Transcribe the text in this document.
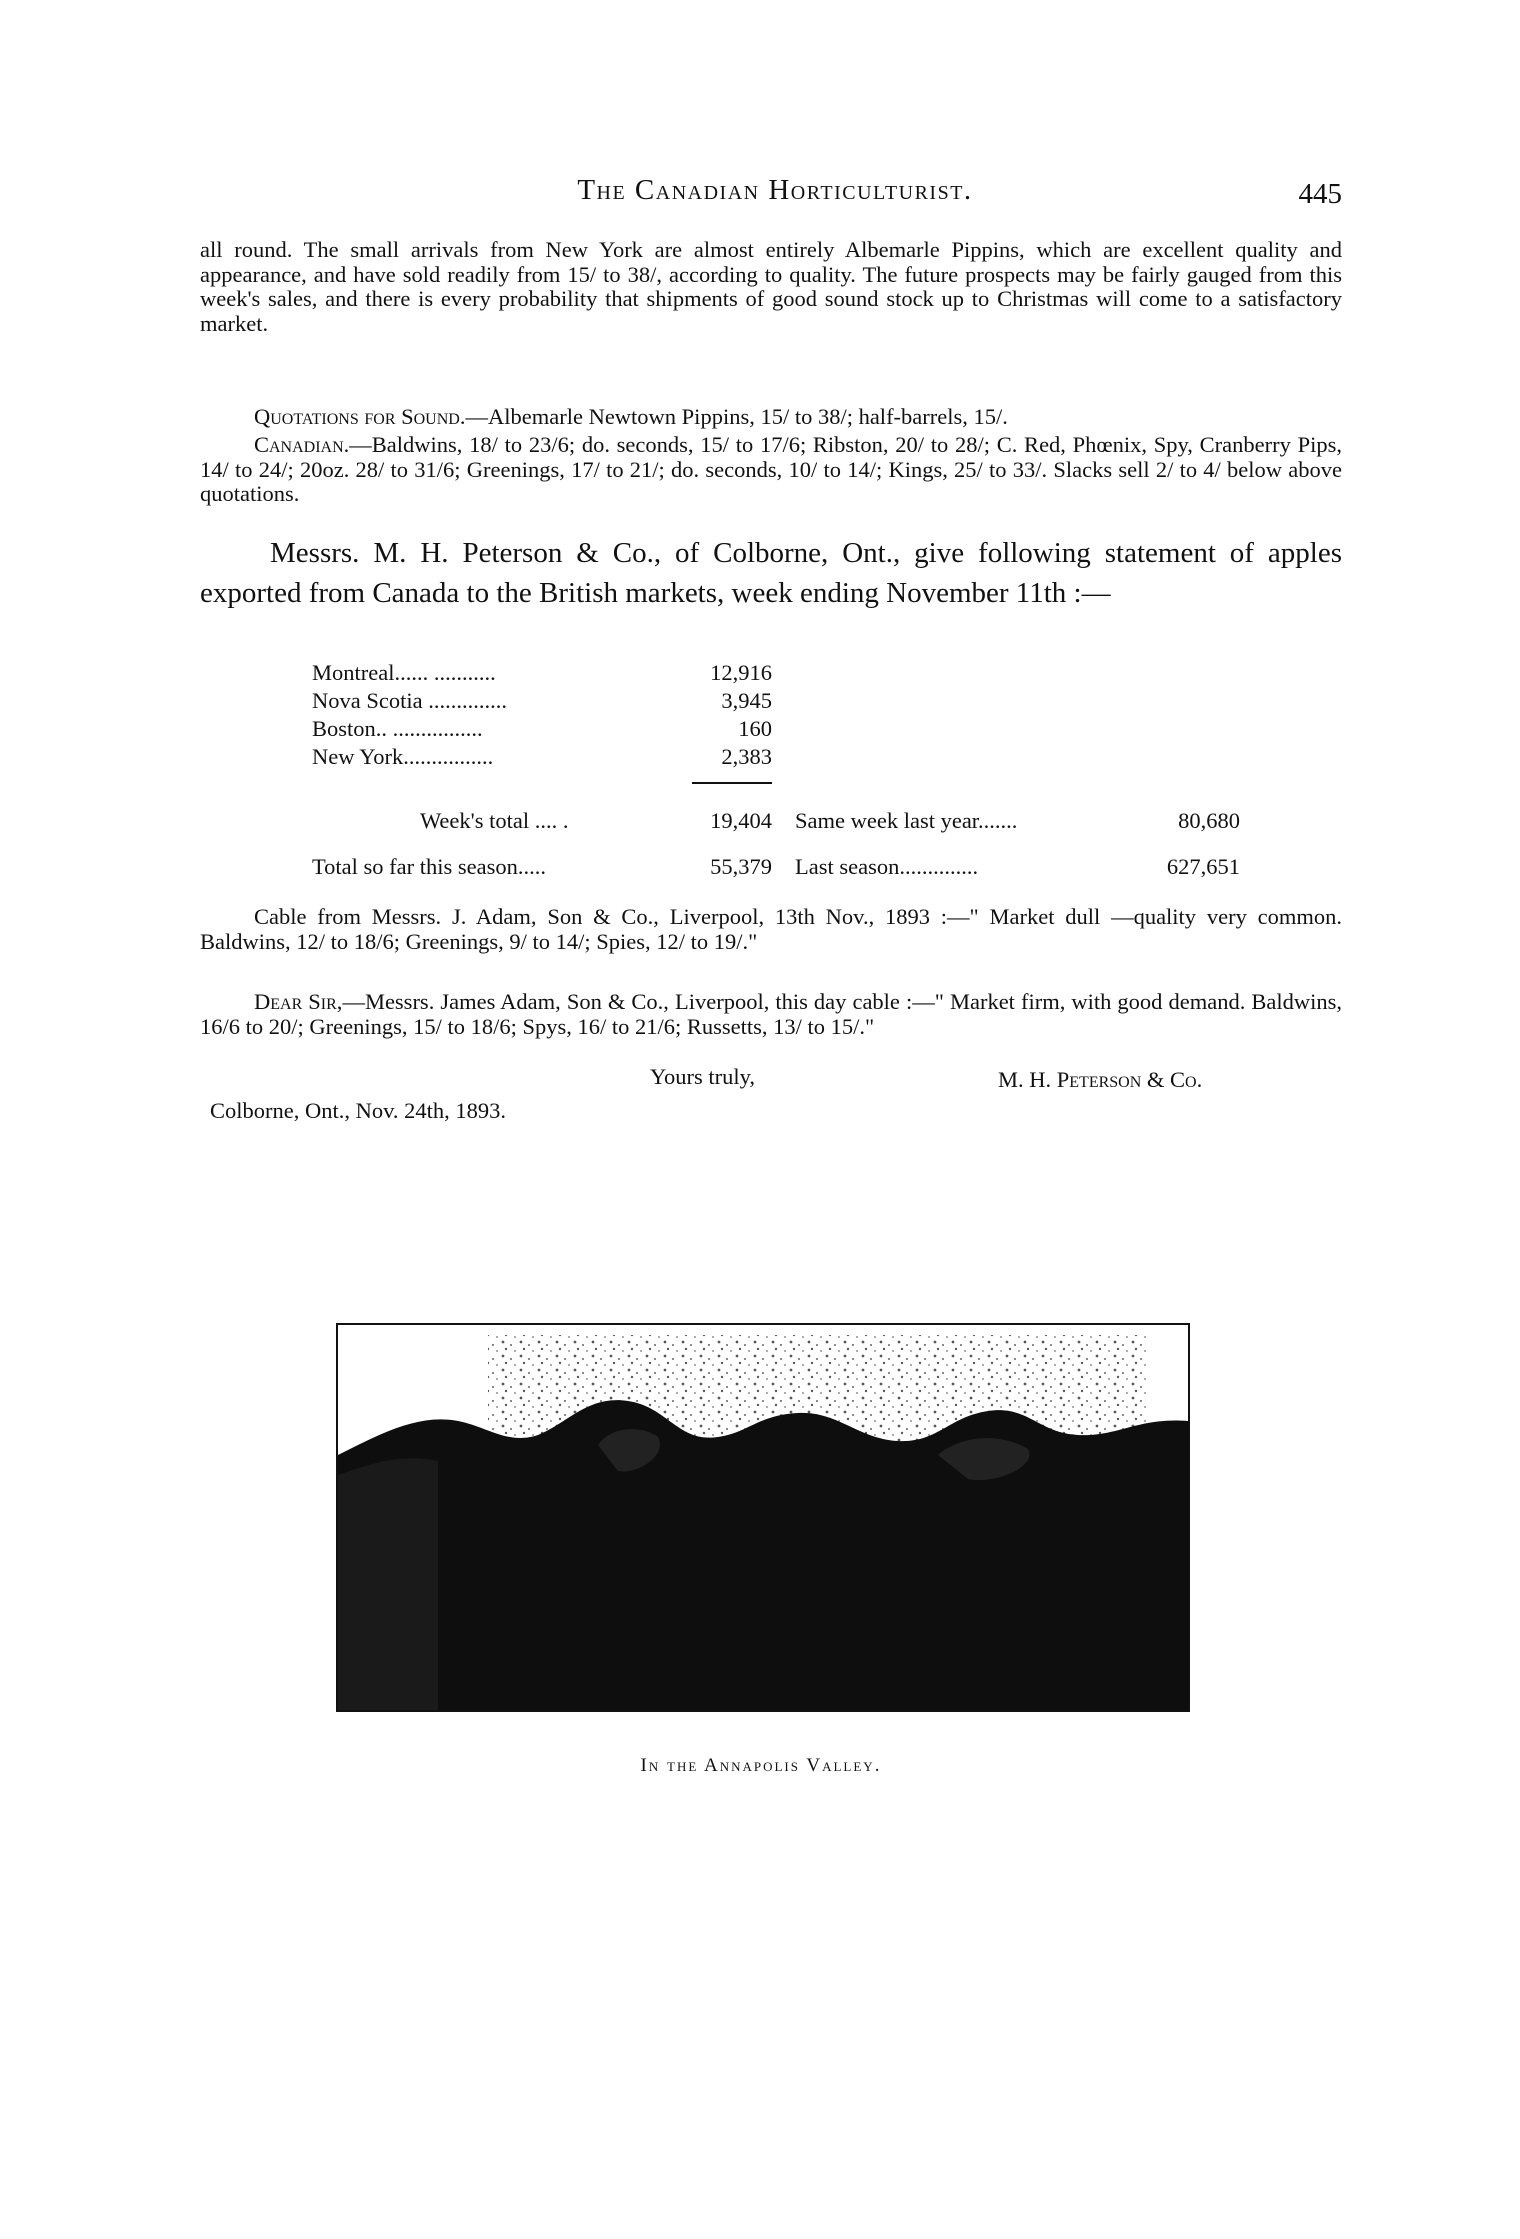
The Canadian Horticulturist.	445

all round. The small arrivals from New York are almost entirely Albemarle Pippins, which are excellent quality and appearance, and have sold readily from 15/ to 38/, according to quality. The future prospects may be fairly gauged from this week's sales, and there is every probability that shipments of good sound stock up to Christmas will come to a satisfactory market.

Quotations for Sound.—Albemarle Newtown Pippins, 15/ to 38/; half-barrels, 15/.

Canadian.—Baldwins, 18/ to 23/6; do. seconds, 15/ to 17/6; Ribston, 20/ to 28/; C. Red, Phœnix, Spy, Cranberry Pips, 14/ to 24/; 20oz. 28/ to 31/6; Greenings, 17/ to 21/; do. seconds, 10/ to 14/; Kings, 25/ to 33/. Slacks sell 2/ to 4/ below above quotations.

Messrs. M. H. Peterson & Co., of Colborne, Ont., give following statement of apples exported from Canada to the British markets, week ending November 11th :—

Montreal...... ...........	12,916
Nova Scotia ..............	3,945
Boston.. ................	160
New York................	2,383
Week's total .... .	19,404 Same week last year.......	80,680
Total so far this season.....	55,379 Last season..............	627,651

Cable from Messrs. J. Adam, Son & Co., Liverpool, 13th Nov., 1893 :—" Market dull —quality very common. Baldwins, 12/ to 18/6; Greenings, 9/ to 14/; Spies, 12/ to 19/."

Dear Sir,—Messrs. James Adam, Son & Co., Liverpool, this day cable :—" Market firm, with good demand. Baldwins, 16/6 to 20/; Greenings, 15/ to 18/6; Spys, 16/ to 21/6; Russetts, 13/ to 15/."

Yours truly,	M. H. Peterson & Co.
Colborne, Ont., Nov. 24th, 1893.
In the Annapolis Valley.
